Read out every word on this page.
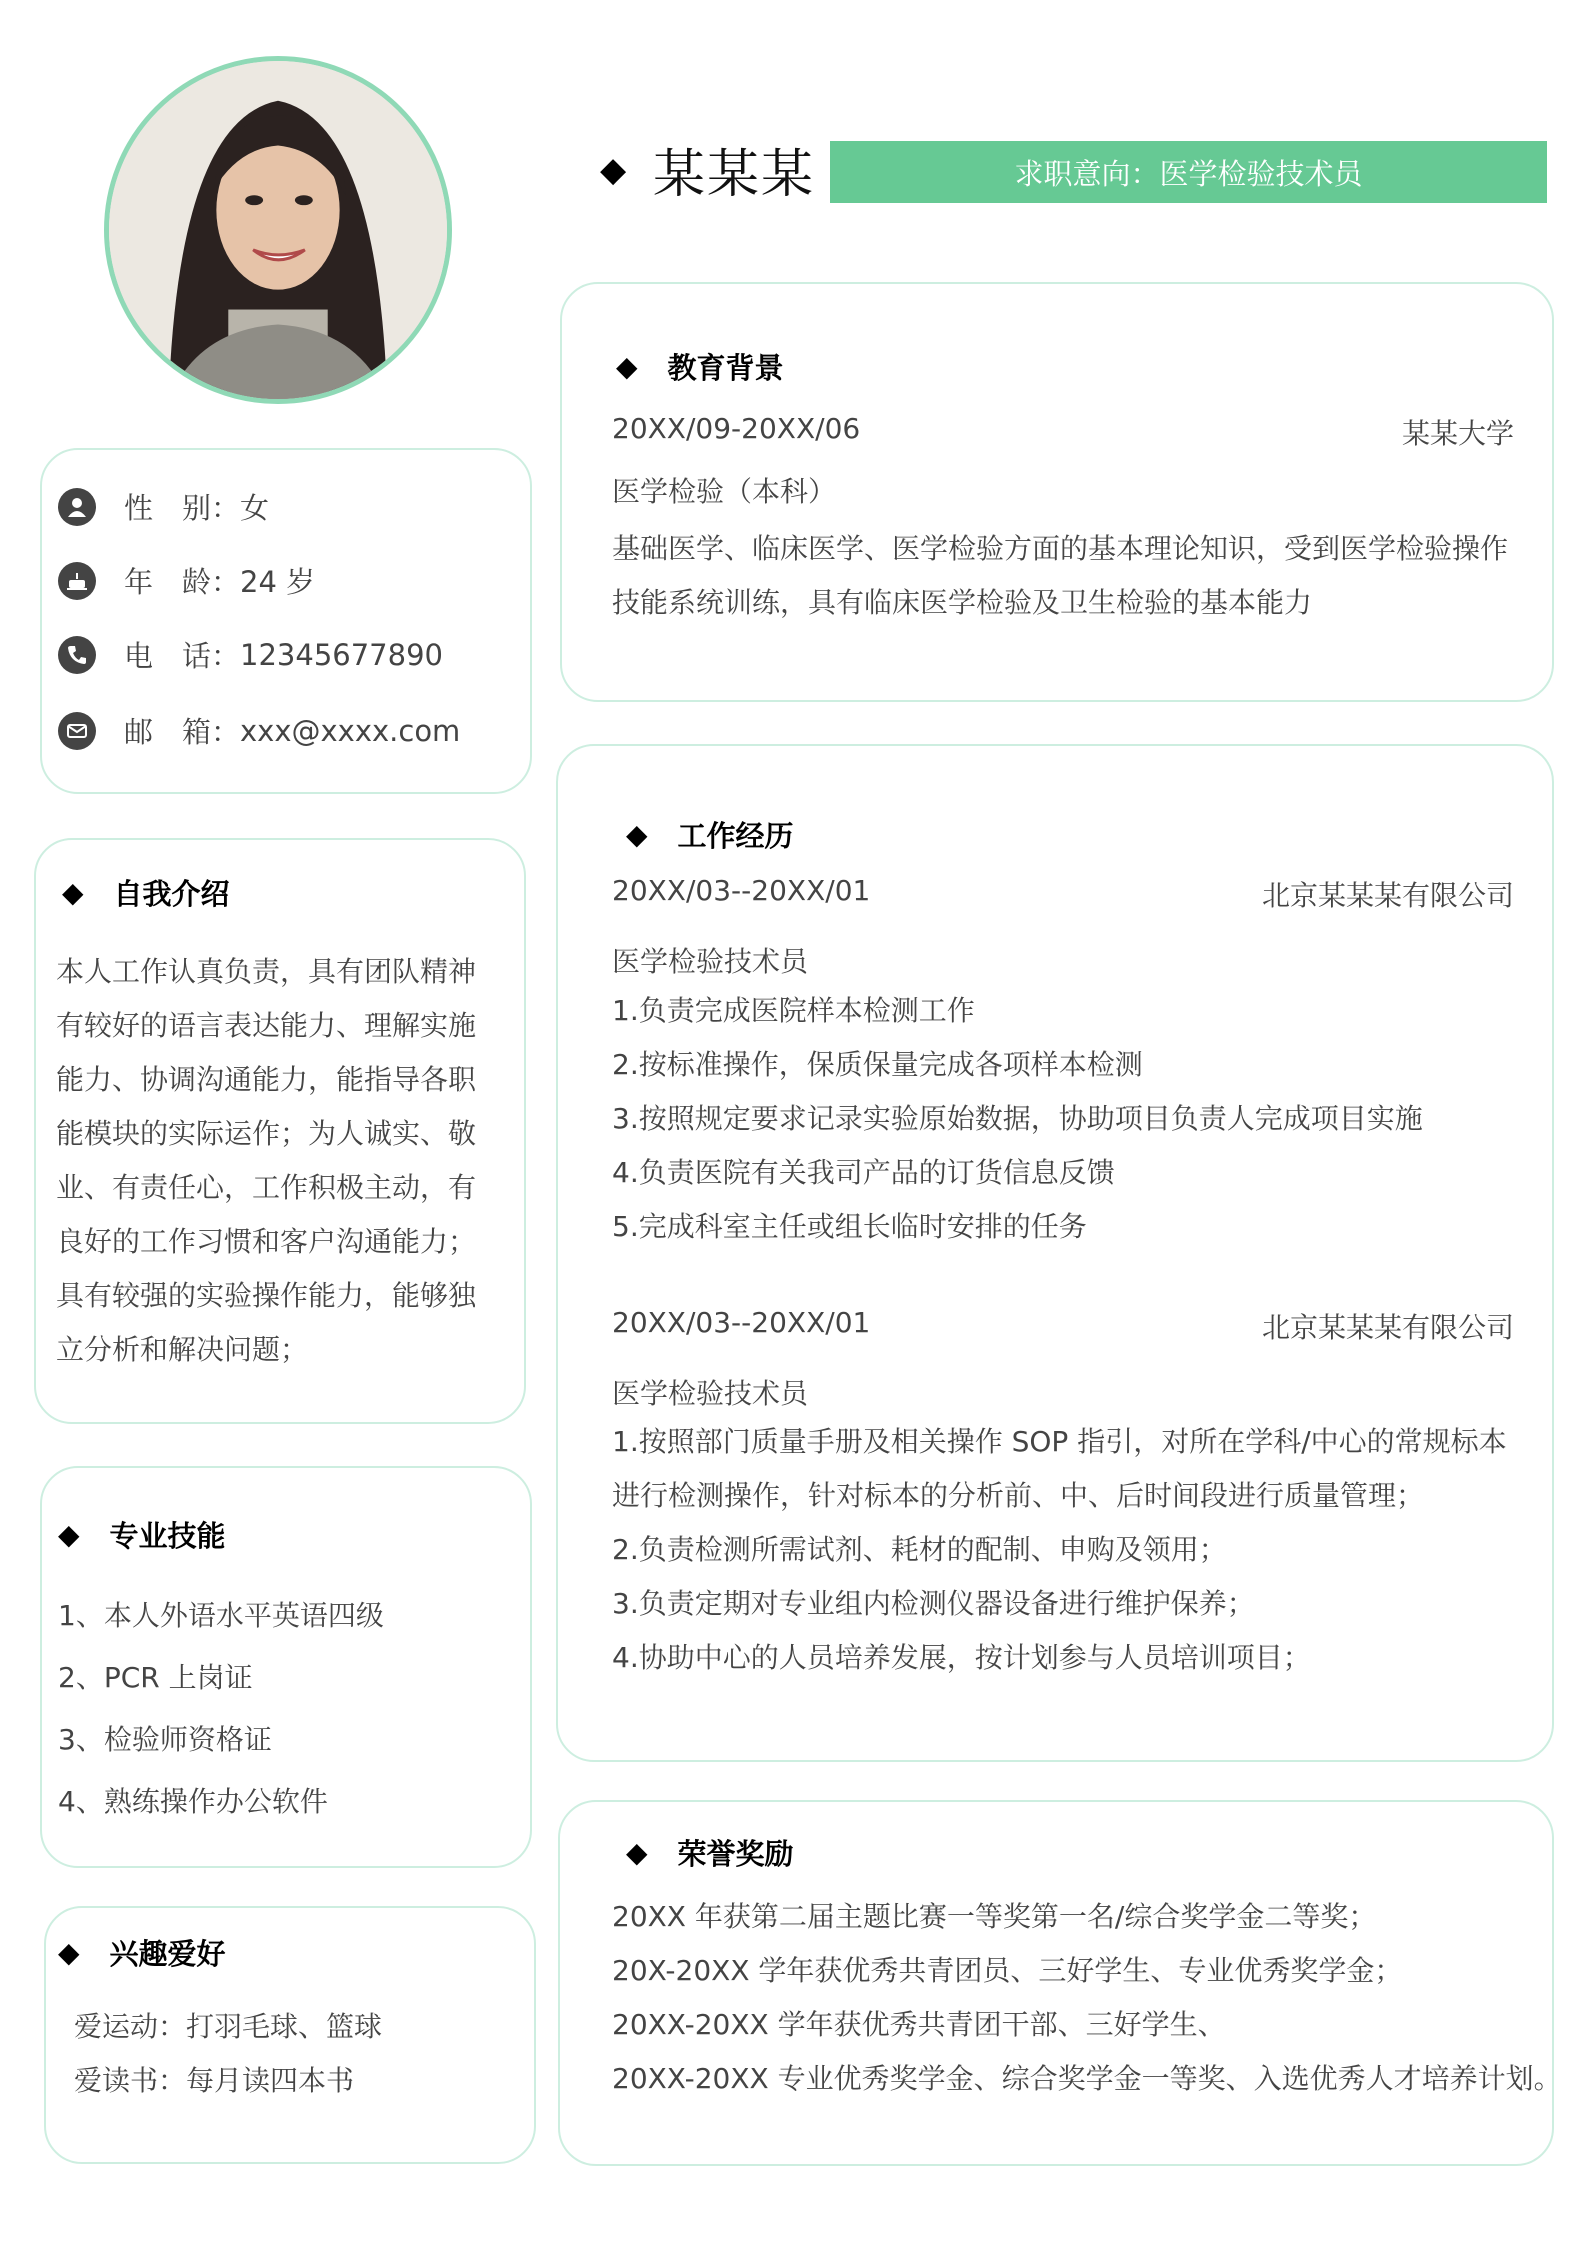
◆ 某某某	求职意向：医学检验技术员
性　别： 女
年　龄： 24 岁
电　话： 12345677890
邮　箱： xxx@xxxx.com
◆ 自我介绍
本人工作认真负责，具有团队精神
有较好的语言表达能力、理解实施
能力、协调沟通能力，能指导各职
能模块的实际运作；为人诚实、敬
业、有责任心，工作积极主动，有
良好的工作习惯和客户沟通能力；
具有较强的实验操作能力，能够独
立分析和解决问题；
◆ 专业技能
1、本人外语水平英语四级
2、PCR 上岗证
3、检验师资格证
4、熟练操作办公软件
◆ 兴趣爱好
爱运动：打羽毛球、篮球
爱读书：每月读四本书
◆ 教育背景
20XX/09-20XX/06	某某大学
医学检验（本科）
基础医学、临床医学、医学检验方面的基本理论知识，受到医学检验操作
技能系统训练，具有临床医学检验及卫生检验的基本能力
◆ 工作经历
20XX/03--20XX/01	北京某某某有限公司
医学检验技术员
1.负责完成医院样本检测工作
2.按标准操作，保质保量完成各项样本检测
3.按照规定要求记录实验原始数据，协助项目负责人完成项目实施
4.负责医院有关我司产品的订货信息反馈
5.完成科室主任或组长临时安排的任务
20XX/03--20XX/01	北京某某某有限公司
医学检验技术员
1.按照部门质量手册及相关操作 SOP 指引，对所在学科/中心的常规标本
进行检测操作，针对标本的分析前、中、后时间段进行质量管理；
2.负责检测所需试剂、耗材的配制、申购及领用；
3.负责定期对专业组内检测仪器设备进行维护保养；
4.协助中心的人员培养发展，按计划参与人员培训项目；
◆ 荣誉奖励
20XX 年获第二届主题比赛一等奖第一名/综合奖学金二等奖；
20X-20XX 学年获优秀共青团员、三好学生、专业优秀奖学金；
20XX-20XX 学年获优秀共青团干部、三好学生、
20XX-20XX 专业优秀奖学金、综合奖学金一等奖、入选优秀人才培养计划。
